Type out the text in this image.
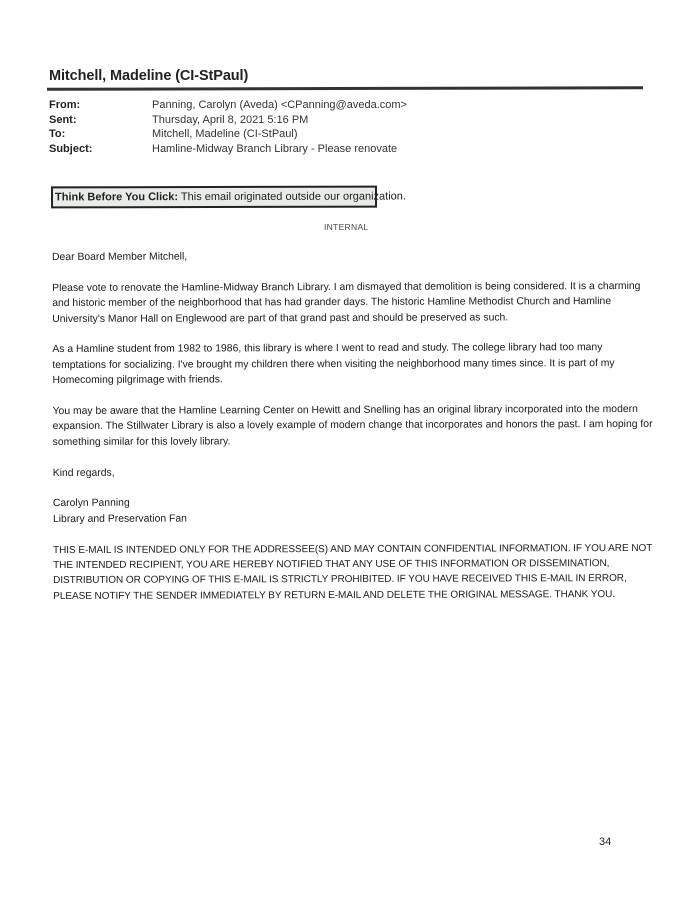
Mitchell, Madeline (CI-StPaul)
From:	Panning, Carolyn (Aveda) <CPanning@aveda.com>
Sent:	Thursday, April 8, 2021 5:16 PM
To:	Mitchell, Madeline (CI-StPaul)
Subject:	Hamline-Midway Branch Library - Please renovate
Think Before You Click: This email originated outside our organization.
INTERNAL

Dear Board Member Mitchell,

Please vote to renovate the Hamline-Midway Branch Library. I am dismayed that demolition is being considered. It is a charming and historic member of the neighborhood that has had grander days. The historic Hamline Methodist Church and Hamline University's Manor Hall on Englewood are part of that grand past and should be preserved as such.

As a Hamline student from 1982 to 1986, this library is where I went to read and study. The college library had too many temptations for socializing. I've brought my children there when visiting the neighborhood many times since. It is part of my Homecoming pilgrimage with friends.

You may be aware that the Hamline Learning Center on Hewitt and Snelling has an original library incorporated into the modern expansion. The Stillwater Library is also a lovely example of modern change that incorporates and honors the past. I am hoping for something similar for this lovely library.

Kind regards,

Carolyn Panning
Library and Preservation Fan

THIS E-MAIL IS INTENDED ONLY FOR THE ADDRESSEE(S) AND MAY CONTAIN CONFIDENTIAL INFORMATION. IF YOU ARE NOT THE INTENDED RECIPIENT, YOU ARE HEREBY NOTIFIED THAT ANY USE OF THIS INFORMATION OR DISSEMINATION, DISTRIBUTION OR COPYING OF THIS E-MAIL IS STRICTLY PROHIBITED. IF YOU HAVE RECEIVED THIS E-MAIL IN ERROR, PLEASE NOTIFY THE SENDER IMMEDIATELY BY RETURN E-MAIL AND DELETE THE ORIGINAL MESSAGE. THANK YOU.

34
